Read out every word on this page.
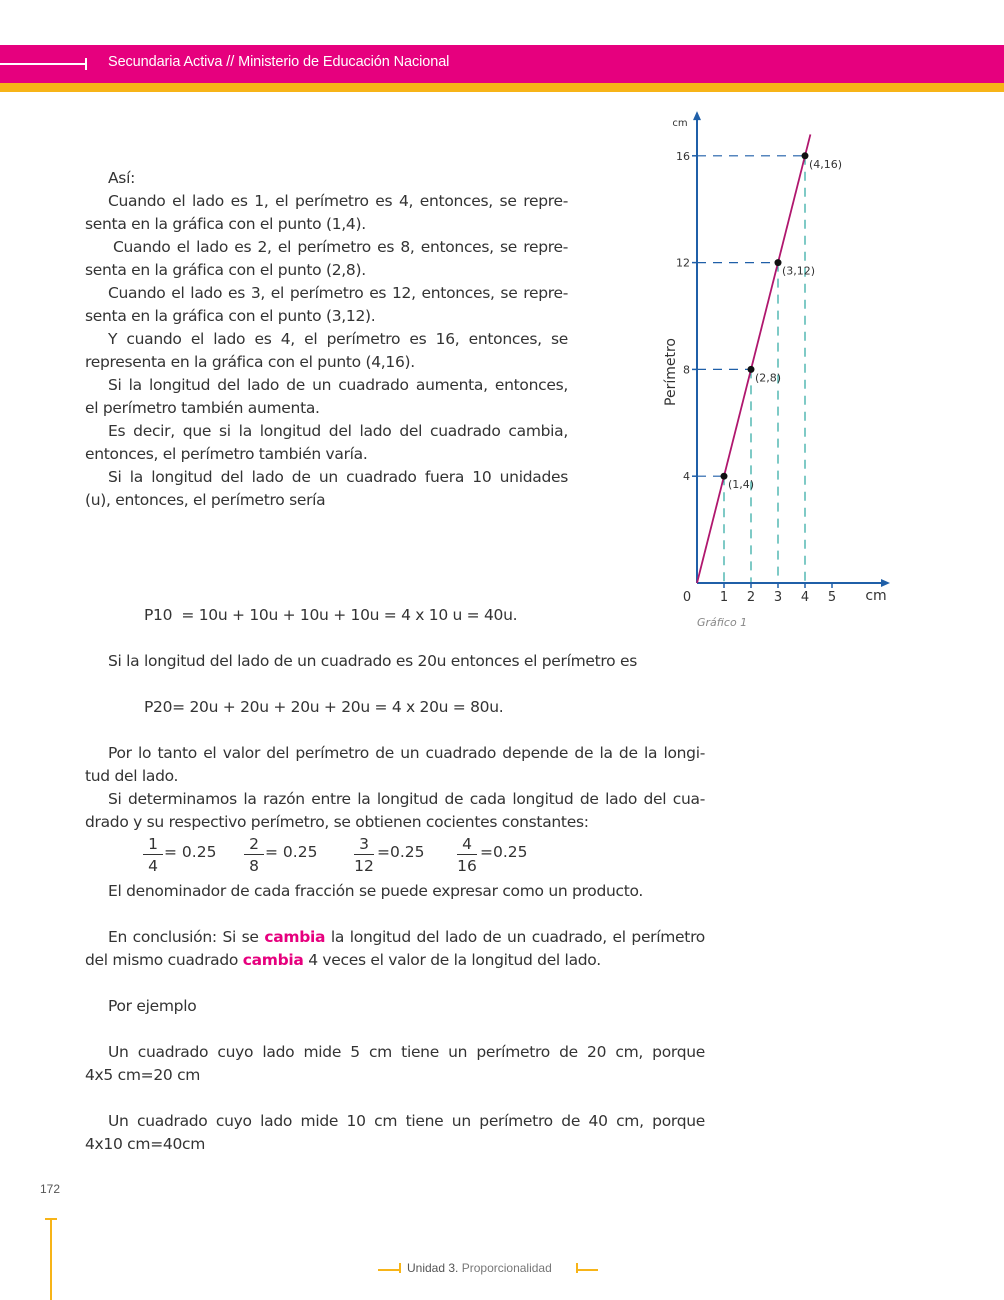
Secundaria Activa // Ministerio de Educación Nacional

Así:

Cuando el lado es 1, el perímetro es 4, entonces, se repre-

senta en la gráfica con el punto (1,4).

Cuando el lado es 2, el perímetro es 8, entonces, se repre-

senta en la gráfica con el punto (2,8).

Cuando el lado es 3, el perímetro es 12, entonces, se repre-

senta en la gráfica con el punto (3,12).

Y cuando el lado es 4, el perímetro es 16, entonces, se

representa en la gráfica con el punto (4,16).

Si la longitud del lado de un cuadrado aumenta, entonces,

el perímetro también aumenta.

Es decir, que si la longitud del lado del cuadrado cambia,

entonces, el perímetro también varía.

Si la longitud del lado de un cuadrado fuera 10 unidades

(u), entonces, el perímetro sería

4
8
12
16
0 1 2 3 4 5 cm
cm
Perímetro
(1,4)
(2,8)
(3,12)
(4,16)
Gráfico 1

P10  = 10u + 10u + 10u + 10u = 4 x 10 u = 40u.

Si la longitud del lado de un cuadrado es 20u entonces el perímetro es

P20= 20u + 20u + 20u + 20u = 4 x 20u = 80u.

Por lo tanto el valor del perímetro de un cuadrado depende de la de la longi-

tud del lado.

Si determinamos la razón entre la longitud de cada longitud de lado del cua-

drado y su respectivo perímetro, se obtienen cocientes constantes:

1
4
= 0.25	2
8
= 0.25	3
12
=0.25	4
16
=0.25

El denominador de cada fracción se puede expresar como un producto.

En conclusión: Si se cambia la longitud del lado de un cuadrado, el perímetro

del mismo cuadrado cambia 4 veces el valor de la longitud del lado.

Por ejemplo

Un cuadrado cuyo lado mide 5 cm tiene un perímetro de 20 cm, porque

4x5 cm=20 cm

Un cuadrado cuyo lado mide 10 cm tiene un perímetro de 40 cm, porque

4x10 cm=40cm

172
Unidad 3. Proporcionalidad
